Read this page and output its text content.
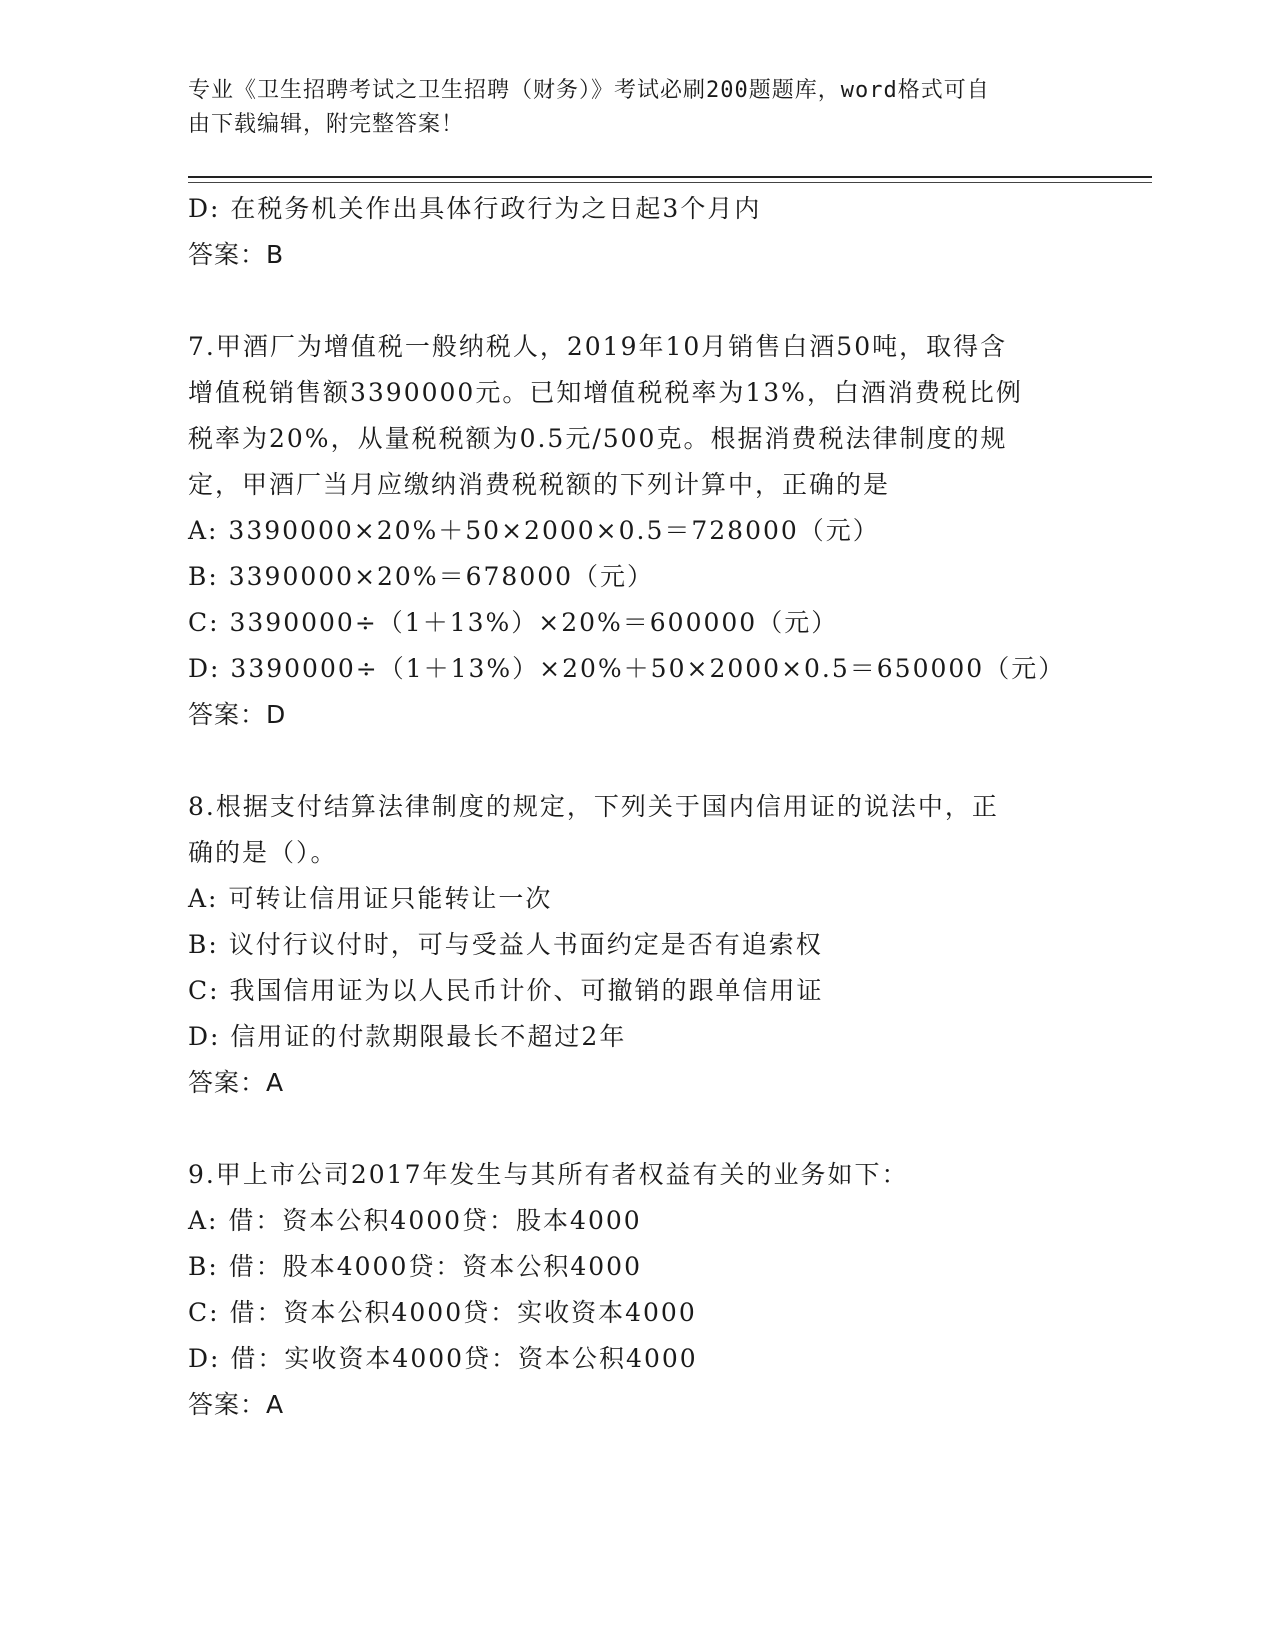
专业《卫生招聘考试之卫生招聘（财务）》考试必刷200题题库，word格式可自
由下载编辑，附完整答案！
D: 在税务机关作出具体行政行为之日起3个月内
答案：B
7.甲酒厂为增值税一般纳税人，2019年10月销售白酒50吨，取得含
增值税销售额3390000元。已知增值税税率为13%，白酒消费税比例
税率为20%，从量税税额为0.5元/500克。根据消费税法律制度的规
定，甲酒厂当月应缴纳消费税税额的下列计算中，正确的是
A: 3390000×20%＋50×2000×0.5＝728000（元）
B: 3390000×20%＝678000（元）
C: 3390000÷（1＋13%）×20%＝600000（元）
D: 3390000÷（1＋13%）×20%＋50×2000×0.5＝650000（元）
答案：D
8.根据支付结算法律制度的规定，下列关于国内信用证的说法中，正
确的是（）。
A: 可转让信用证只能转让一次
B: 议付行议付时，可与受益人书面约定是否有追索权
C: 我国信用证为以人民币计价、可撤销的跟单信用证
D: 信用证的付款期限最长不超过2年
答案：A
9.甲上市公司2017年发生与其所有者权益有关的业务如下：
A: 借：资本公积4000贷：股本4000
B: 借：股本4000贷：资本公积4000
C: 借：资本公积4000贷：实收资本4000
D: 借：实收资本4000贷：资本公积4000
答案：A
